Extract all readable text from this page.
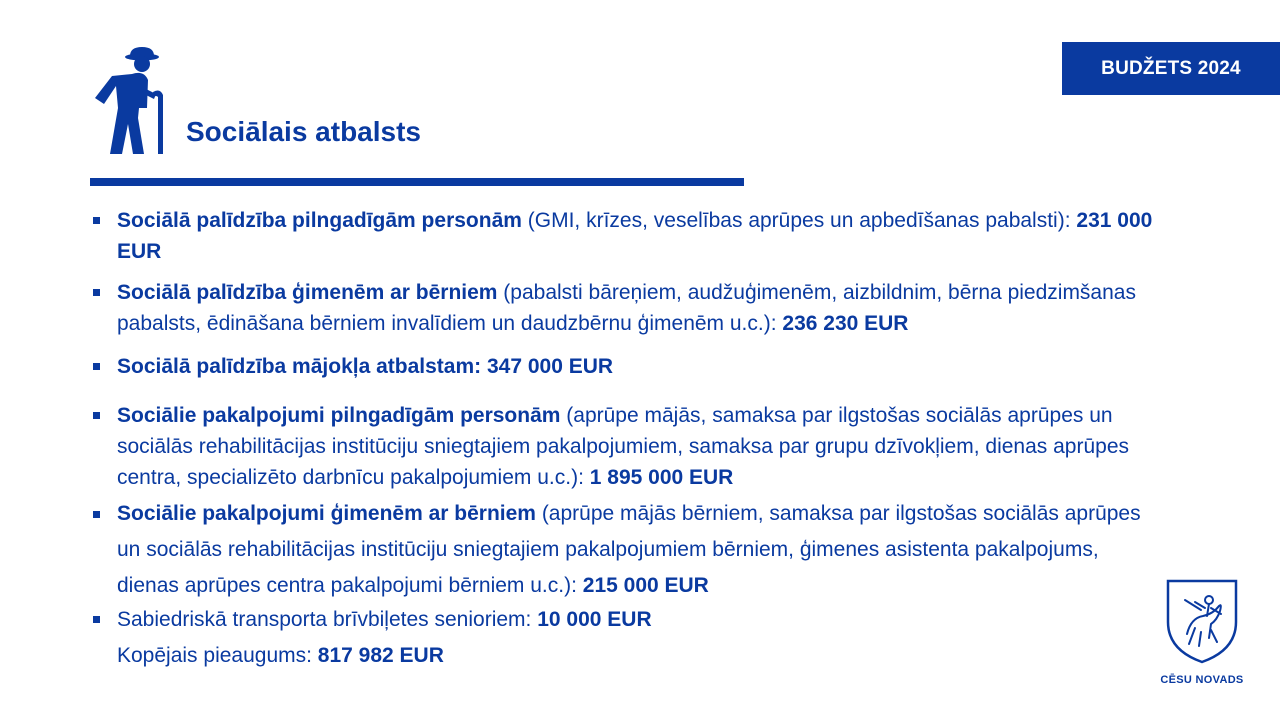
BUDŽETS 2024
Sociālais atbalsts
Sociālā palīdzība pilngadīgām personām (GMI, krīzes, veselības aprūpes un apbedīšanas pabalsti): 231 000 EUR
Sociālā palīdzība ģimenēm ar bērniem (pabalsti bāreņiem, audžuģimenēm, aizbildnim, bērna piedzimšanas pabalsts, ēdināšana bērniem invalīdiem un daudzbērnu ģimenēm u.c.): 236 230 EUR
Sociālā palīdzība mājokļa atbalstam: 347 000 EUR
Sociālie pakalpojumi pilngadīgām personām (aprūpe mājās, samaksa par ilgstošas sociālās aprūpes un sociālās rehabilitācijas institūciju sniegtajiem pakalpojumiem, samaksa par grupu dzīvokļiem, dienas aprūpes centra, specializēto darbnīcu pakalpojumiem u.c.): 1 895 000 EUR
Sociālie pakalpojumi ģimenēm ar bērniem (aprūpe mājās bērniem, samaksa par ilgstošas sociālās aprūpes un sociālās rehabilitācijas institūciju sniegtajiem pakalpojumiem bērniem, ģimenes asistenta pakalpojums, dienas aprūpes centra pakalpojumi bērniem u.c.): 215 000 EUR
Sabiedriskā transporta brīvbiļetes senioriem: 10 000 EUR
Kopējais pieaugums: 817 982 EUR
CĒSU NOVADS
